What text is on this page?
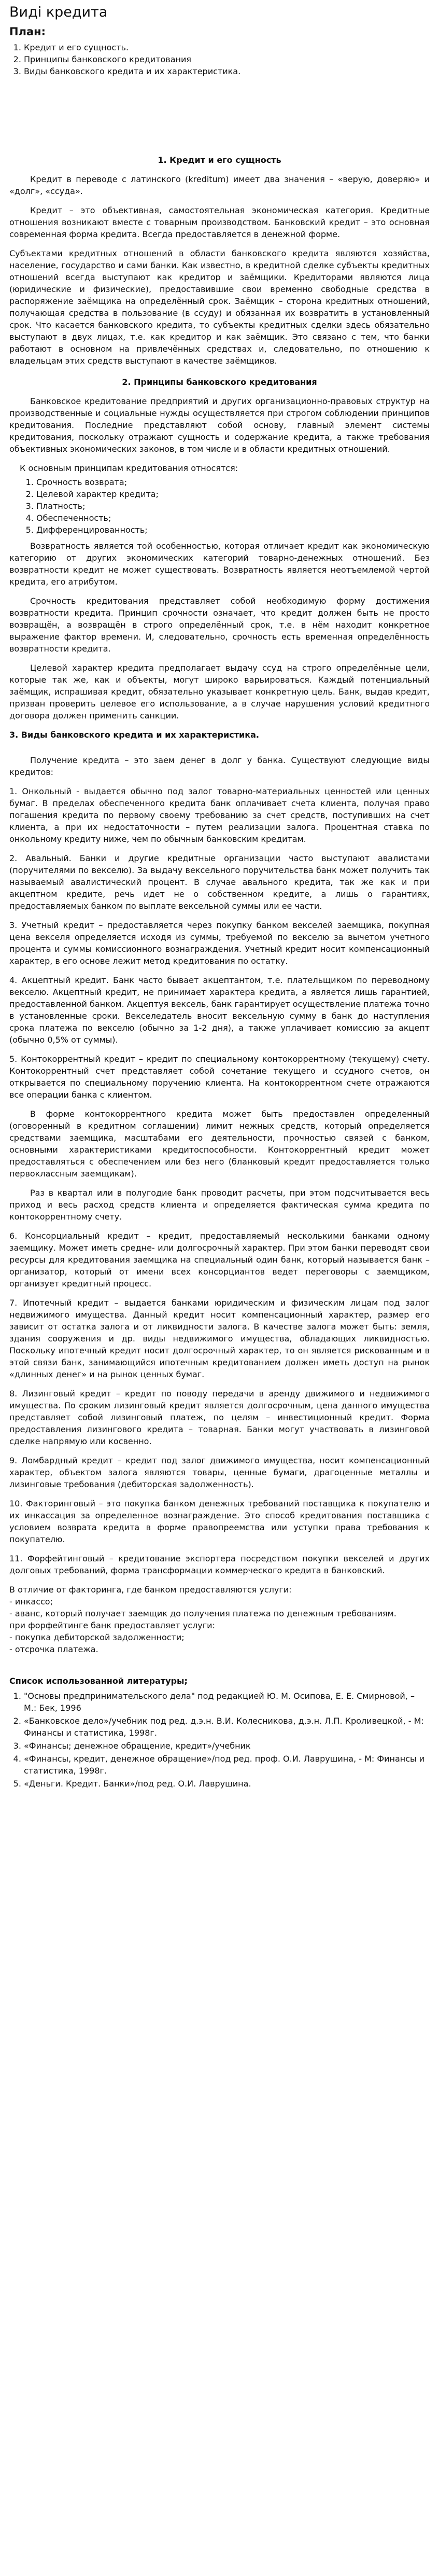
Виді кредита
План:
1. Кредит и его сущность.
2. Принципы банковского кредитования
3. Виды банковского кредита и их характеристика.
1. Кредит и его сущность

Кредит в переводе с латинского (kreditum) имеет два значения – «верую, доверяю» и «долг», «ссуда».

Кредит – это объективная, самостоятельная экономическая категория. Кредитные отношения возникают вместе с товарным производством. Банковский кредит – это основная современная форма кредита. Всегда предоставляется в денежной форме.

Субъектами кредитных отношений в области банковского кредита являются хозяйства, население, государство и сами банки. Как известно, в кредитной сделке субъекты кредитных отношений всегда выступают как кредитор и заёмщики. Кредиторами являются лица (юридические и физические), предоставившие свои временно свободные средства в распоряжение заёмщика на определённый срок. Заёмщик – сторона кредитных отношений, получающая средства в пользование (в ссуду) и обязанная их возвратить в установленный срок. Что касается банковского кредита, то субъекты кредитных сделки здесь обязательно выступают в двух лицах, т.е. как кредитор и как заёмщик. Это связано с тем, что банки работают в основном на привлечённых средствах и, следовательно, по отношению к владельцам этих средств выступают в качестве заёмщиков.

2. Принципы банковского кредитования

Банковское кредитование предприятий и других организационно-правовых структур на производственные и социальные нужды осуществляется при строгом соблюдении принципов кредитования. Последние представляют собой основу, главный элемент системы кредитования, поскольку отражают сущность и содержание кредита, а также требования объективных экономических законов, в том числе и в области кредитных отношений.

К основным принципам кредитования относятся:

1. Срочность возврата;
2. Целевой характер кредита;
3. Платность;
4. Обеспеченность;
5. Дифференцированность;

Возвратность является той особенностью, которая отличает кредит как экономическую категорию от других экономических категорий товарно-денежных отношений. Без возвратности кредит не может существовать. Возвратность является неотъемлемой чертой кредита, его атрибутом.

Срочность кредитования представляет собой необходимую форму достижения возвратности кредита. Принцип срочности означает, что кредит должен быть не просто возвращён, а возвращён в строго определённый срок, т.е. в нём находит конкретное выражение фактор времени. И, следовательно, срочность есть временная определённость возвратности кредита.

Целевой характер кредита предполагает выдачу ссуд на строго определённые цели, которые так же, как и объекты, могут широко варьироваться. Каждый потенциальный заёмщик, испрашивая кредит, обязательно указывает конкретную цель. Банк, выдав кредит, призван проверить целевое его использование, а в случае нарушения условий кредитного договора должен применить санкции.

3. Виды банковского кредита и их характеристика.

Получение кредита – это заем денег в долг у банка. Существуют следующие виды кредитов:

1. Онкольный - выдается обычно под залог товарно-материальных ценностей или ценных бумаг. В пределах обеспеченного кредита банк оплачивает счета клиента, получая право погашения кредита по первому своему требованию за счет средств, поступивших на счет клиента, а при их недостаточности – путем реализации залога. Процентная ставка по онкольному кредиту ниже, чем по обычным банковским кредитам.

2. Авальный. Банки и другие кредитные организации часто выступают авалистами (поручителями по векселю). За выдачу вексельного поручительства банк может получить так называемый авалистический процент. В случае авального кредита, так же как и при акцептном кредите, речь идет не о собственном кредите, а лишь о гарантиях, предоставляемых банком по выплате вексельной суммы или ее части.

3. Учетный кредит – предоставляется через покупку банком векселей заемщика, покупная цена векселя определяется исходя из суммы, требуемой по векселю за вычетом учетного процента и суммы комиссионного вознаграждения. Учетный кредит носит компенсационный характер, в его основе лежит метод кредитования по остатку.

4. Акцептный кредит. Банк часто бывает акцептантом, т.е. плательщиком по переводному векселю. Акцептный кредит, не принимает характера кредита, а является лишь гарантией, предоставленной банком. Акцептуя вексель, банк гарантирует осуществление платежа точно в установленные сроки. Векселедатель вносит вексельную сумму в банк до наступления срока платежа по векселю (обычно за 1-2 дня), а также уплачивает комиссию за акцепт (обычно 0,5% от суммы).

5. Контокоррентный кредит – кредит по специальному контокоррентному (текущему) счету. Контокоррентный счет представляет собой сочетание текущего и ссудного счетов, он открывается по специальному поручению клиента. На контокоррентном счете отражаются все операции банка с клиентом.

В форме контокоррентного кредита может быть предоставлен определенный (оговоренный в кредитном соглашении) лимит нежных средств, который определяется средствами заемщика, масштабами его деятельности, прочностью связей с банком, основными характеристиками кредитоспособности. Контокоррентный кредит может предоставляться с обеспечением или без него (бланковый кредит предоставляется только первоклассным заемщикам).

Раз в квартал или в полугодие банк проводит расчеты, при этом подсчитывается весь приход и весь расход средств клиента и определяется фактическая сумма кредита по контокоррентному счету.

6. Консорциальный кредит – кредит, предоставляемый несколькими банками одному заемщику. Может иметь средне- или долгосрочный характер. При этом банки переводят свои ресурсы для кредитования заемщика на специальный один банк, который называется банк – организатор, который от имени всех консорциантов ведет переговоры с заемщиком, организует кредитный процесс.

7. Ипотечный кредит – выдается банками юридическим и физическим лицам под залог недвижимого имущества. Данный кредит носит компенсационный характер, размер его зависит от остатка залога и от ликвидности залога. В качестве залога может быть: земля, здания сооружения и др. виды недвижимого имущества, обладающих ликвидностью. Поскольку ипотечный кредит носит долгосрочный характер, то он является рискованным и в этой связи банк, занимающийся ипотечным кредитованием должен иметь доступ на рынок «длинных денег» и на рынок ценных бумаг.

8. Лизинговый кредит – кредит по поводу передачи в аренду движимого и недвижимого имущества. По сроким лизинговый кредит является долгосрочным, цена данного имущества представляет собой лизинговый платеж, по целям – инвестиционный кредит. Форма предоставления лизингового кредита – товарная. Банки могут участвовать в лизинговой сделке напрямую или косвенно.

9. Ломбардный кредит – кредит под залог движимого имущества, носит компенсационный характер, объектом залога являются товары, ценные бумаги, драгоценные металлы и лизинговые требования (дебиторская задолженность).

10. Факторинговый – это покупка банком денежных требований поставщика к покупателю и их инкассация за определенное вознаграждение. Это способ кредитования поставщика с условием возврата кредита в форме правопреемства или уступки права требования к покупателю.

11. Форфейтинговый – кредитование экспортера посредством покупки векселей и других долговых требований, форма трансформации коммерческого кредита в банковский.

В отличие от факторинга, где банком предоставляются услуги:
- инкассо;
- аванс, который получает заемщик до получения платежа по денежным требованиям.
при форфейтинге банк предоставляет услуги:
- покупка дебиторской задолженности;
- отсрочка платежа.
Список использованной литературы;
1. "Основы предпринимательского дела" под редакцией Ю. М. Осипова, Е. Е. Смирновой, – М.: Бек, 1996
2. «Банковское дело»/учебник под ред. д.э.н. В.И. Колесникова, д.э.н. Л.П. Кроливецкой, - М: Финансы и статистика, 1998г.
3. «Финансы; денежное обращение, кредит»/учебник
4. «Финансы, кредит, денежное обращение»/под ред. проф. О.И. Лаврушина, - М: Финансы и статистика, 1998г.
5. «Деньги. Кредит. Банки»/под ред. О.И. Лаврушина.
